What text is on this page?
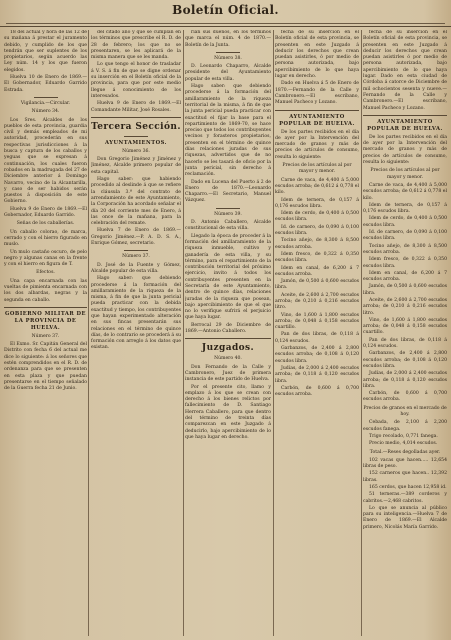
Boletín Oficial.

18 del actual y hora de las 12 de su mañana á prestar el juramento debido, y cumplido de los que tendrán que ser suplentes de los propietarios, según acuerdo las Ley núm. 14 y los que fueron elegidos.

Huelva 10 de Enero de 1869.—El Gobernador, Eduardo Garrido Estrada.

Vigilancia.—Circular.

Número 34.

Los Sres. Alcaldes de los pueblos de esta provincia, guardia civil y demás empleados de mi autoridad, procederán en sus respectivas jurisdicciones á la busca y captura de los caballos y yeguas que se expresan á continuación, los cuales fueron robados en la madrugada del 27 de Diciembre anterior á Domingo Navarro, vecino de la Alcantarilla, y caso de ser habidos serán puestos á disposición de este Gobierno.

Huelva 9 de Enero de 1869.—El Gobernador, Eduardo Garrido.

Señas de los caballerías.

Un caballo colorao, de marca, cerrado y con el hierro figurado en muslo.

Un mulo castaño oscuro, de pelo negro y algunas canas en la frente y con el hierro en figura de T.

Efectos.

Una capa encarnada con las vueltas de pimienta encarnada con los dos albardas, negras y la segunda en caballo.

GOBIERNO MILITAR DE LA PROVINCIA DE HUELVA.

Número 37.

El Exmo. Sr. Capitán General del Distrito con fecha 6 del actual me dice lo siguiente: á los señores que estén comprendidos en el R. D. de ordenanza para que se presenten en esta plaza y que puedan presentarse en el tiempo señalado de la Guerra fecha 21 de Junio.

del citado año y que se cumplan en los términos que prescribe el R. D. de 28 de febrero; los que no se presentaren, se les aplicará de la misma manera que se les manda.

Lo que tengo el honor de trasladar á V. S. á fin de que se digne ordenar su inserción en el Boletín oficial de la provincia, para que por este medio llegue á conocimiento de los interesados.

Huelva 9 de Enero de 1869.—El Comandante Militar, José Rosales.

Tercera Sección.

AYUNTAMIENTOS.

Número 36.

Don Gregorio Jiménez y Jiménez y Jiménez, Alcalde primero popular de esta capital.

Hago saber: que habiendo procedido al deslinde á que se refiere la cláusula 3.ª del contrato de arrendamiento de este Ayuntamiento, la Corporación ha acordado señalar el día 20 del corriente mes de Enero, á las once de la mañana, para la celebración del remate.

Huelva 7 de Enero de 1869.—Gregorio Jiménez.—P. A. D. S. A., Enrique Gómez, secretario.

Número 37.

D. José de la Fuente y Gómez, Alcalde popular de esta villa.

Hago saber: que debiendo procederse á la formación del amillaramiento de la riqueza de la misma, á fin de que la junta pericial pueda practicar con la debida exactitud y tiempo, los contribuyentes que hayan experimentado alteración en sus fincas presentarán sus relaciones en el término de quince días, de lo contrario se procederá á su formación con arreglo á los datos que existan.

rían sus dueños, en los términos que marca el núm. 4 de 1870.—Boletín de la Junta.

Número 38.

D. Leonardo Chaparro, Alcalde presidente del Ayuntamiento popular de esta villa.

Hago saber: que debiendo procederse á la formación del amillaramiento de la riqueza territorial de la misma, á fin de que la junta pericial pueda practicar con exactitud el fijar la base para el repartimiento de 1869-70, se hace preciso que todos los contribuyentes vecinos y forasteros propietarios, presenten en el término de quince días relaciones juradas de sus riquezas, advertidos que de no hacerlo se les tasará de oficio por la junta pericial, sin derecho á reclamación.

Dado en Lucena del Puerto á 2 de Enero de 1870.—Leonardo Chaparro.—El Secretario, Manuel Vázquez.

Número 39.

D. Antonio Caballero, Alcalde constitucional de esta villa.

Llegado la época de proceder á la formación del amillaramiento de la riqueza inmueble, cultivo y ganadería de esta villa, y su término, para el repartimiento de la contribución territorial del próximo ejercicio, invito á todos los contribuyentes presenten en la Secretaría de este Ayuntamiento, dentro de quince días, relaciones juradas de la riqueza que posean, bajo apercibimiento de que el que no lo verifique sufrirá el perjuicio que haya lugar.

Berrocal 29 de Diciembre de 1869.—Antonio Caballero.

Juzgados.

Número 40.

Don Fernando de la Calle y Cambronero, Juez de primera instancia de este partido de Huelva.

Por el presente cito, llamo y emplazo á los que se crean con derecho á los bienes relictos por fallecimiento de D. Santiago Herrera Caballero, para que dentro del término de treinta días comparezcan en este Juzgado á deducirlo, bajo apercibimiento de lo que haya lugar en derecho.

fecha de su inserción en el Boletín oficial de esta provincia, se presenten en este Juzgado á deducir los derechos que crean puedan asistirles, ó por medio de persona autorizada, bajo apercibimiento de lo que haya lugar en derecho.

Dado en Huelva á 5 de Enero de 1870.—Fernando de la Calle y Cambronero.—El escribano, Manuel Pacheco y Lozano.

AYUNTAMIENTO POPULAR DE HUELVA.

De los partes recibidos en el día de ayer por la Intervención del mercado de granos y más de precios de artículos de consumo, resulta lo siguiente:

Precios de los artículos al por mayor y menor.

Carne de vaca, de 4,400 á 5,000 escudos arroba; de 0,612 á 0,778 el kilo.

Idem de ternera, de 0,157 á 0,176 escudos libra.

Idem de cerdo, de 0,400 á 0,500 escudos libra.

Id. de carnero, de 0,090 á 0,100 escudos libra.

Tocino añejo, de 8,300 á 8,500 escudos arroba.

Idem fresco, de 0,322 á 0,350 escudos libra.

Idem en canal, de 6,200 á 7 escudos arroba.

Jamón, de 0,500 á 0,600 escudos libra.

Aceite, de 2,600 á 2,700 escudos arroba; de 0,210 á 0,216 escudos litro.

Vino, de 1,600 á 1,800 escudos arroba; de 0,048 á 0,158 escudos cuartillo.

Pan de dos libras, de 0,118 á 0,124 escudos.

Garbanzos, de 2,400 á 2,800 escudos arroba; de 0,108 á 0,120 escudos libra.

Judías, de 2,000 á 2,400 escudos arroba; de 0,118 á 0,120 escudos libra.

Carbón, de 0,600 á 0,700 escudos arroba.

fecha de su inserción en el Boletín oficial de esta provincia, se presenten en este Juzgado á deducir los derechos que crean puedan asistirles ó por medio de persona autorizada, bajo apercibimiento de lo que haya lugar. Dado en esta ciudad de Córdoba á catorce de Diciembre de mil ochocientos sesenta y nueve.—Fernando de la Calle y Cambronero.—El escribano, Manuel Pacheco y Lozano.

AYUNTAMIENTO POPULAR DE HUELVA.

De los partes recibidos en el día de ayer por la Intervención del mercado de granos y más de precios de artículos de consumo, resulta lo siguiente:

Precios de los artículos al por mayor y menor.

Carne de vaca, de 4,400 á 5,000 escudos arroba; de 0,612 á 0,778 el kilo.

Idem de ternera, de 0,157 á 0,176 escudos libra.

Idem de cerdo, de 0,400 á 0,500 escudos libra.

Id. de carnero, de 0,090 á 0,100 escudos libra.

Tocino añejo, de 8,300 á 8,500 escudos arroba.

Idem fresco, de 0,322 á 0,350 escudos libra.

Idem en canal, de 6,200 á 7 escudos arroba.

Jamón, de 0,500 á 0,600 escudos libra.

Aceite, de 2,600 á 2,700 escudos arroba; de 0,210 á 0,216 escudos litro.

Vino, de 1,600 á 1,800 escudos arroba; de 0,048 á 0,158 escudos cuartillo.

Pan de dos libras, de 0,118 á 0,124 escudos.

Garbanzos, de 2,400 á 2,800 escudos arroba; de 0,108 á 0,120 escudos libra.

Judías, de 2,000 á 2,400 escudos arroba; de 0,118 á 0,120 escudos libra.

Carbón, de 0,600 á 0,700 escudos arroba.

Precios de granos en el mercado de hoy.

Cebada, de 2,100 á 2,200 escudos fanega.

Trigo recolado, 0,771 fanega.

Precio medio, 4,014 escudos.

Total.—Reses degolladas ayer.

102 vacas que hacen..... 12,654 libras de peso.

152 carneros que hacen.. 12,392 libras.

165 cerdos, que hacen 12,958 id.

51 terneras.—389 corderos y cabritos.—2,468 cabritos.

Lo que se anuncia al público para su inteligencia.—Huelva 7 de Enero de 1869.—El Alcalde primero, Nicolás María Garrido.
